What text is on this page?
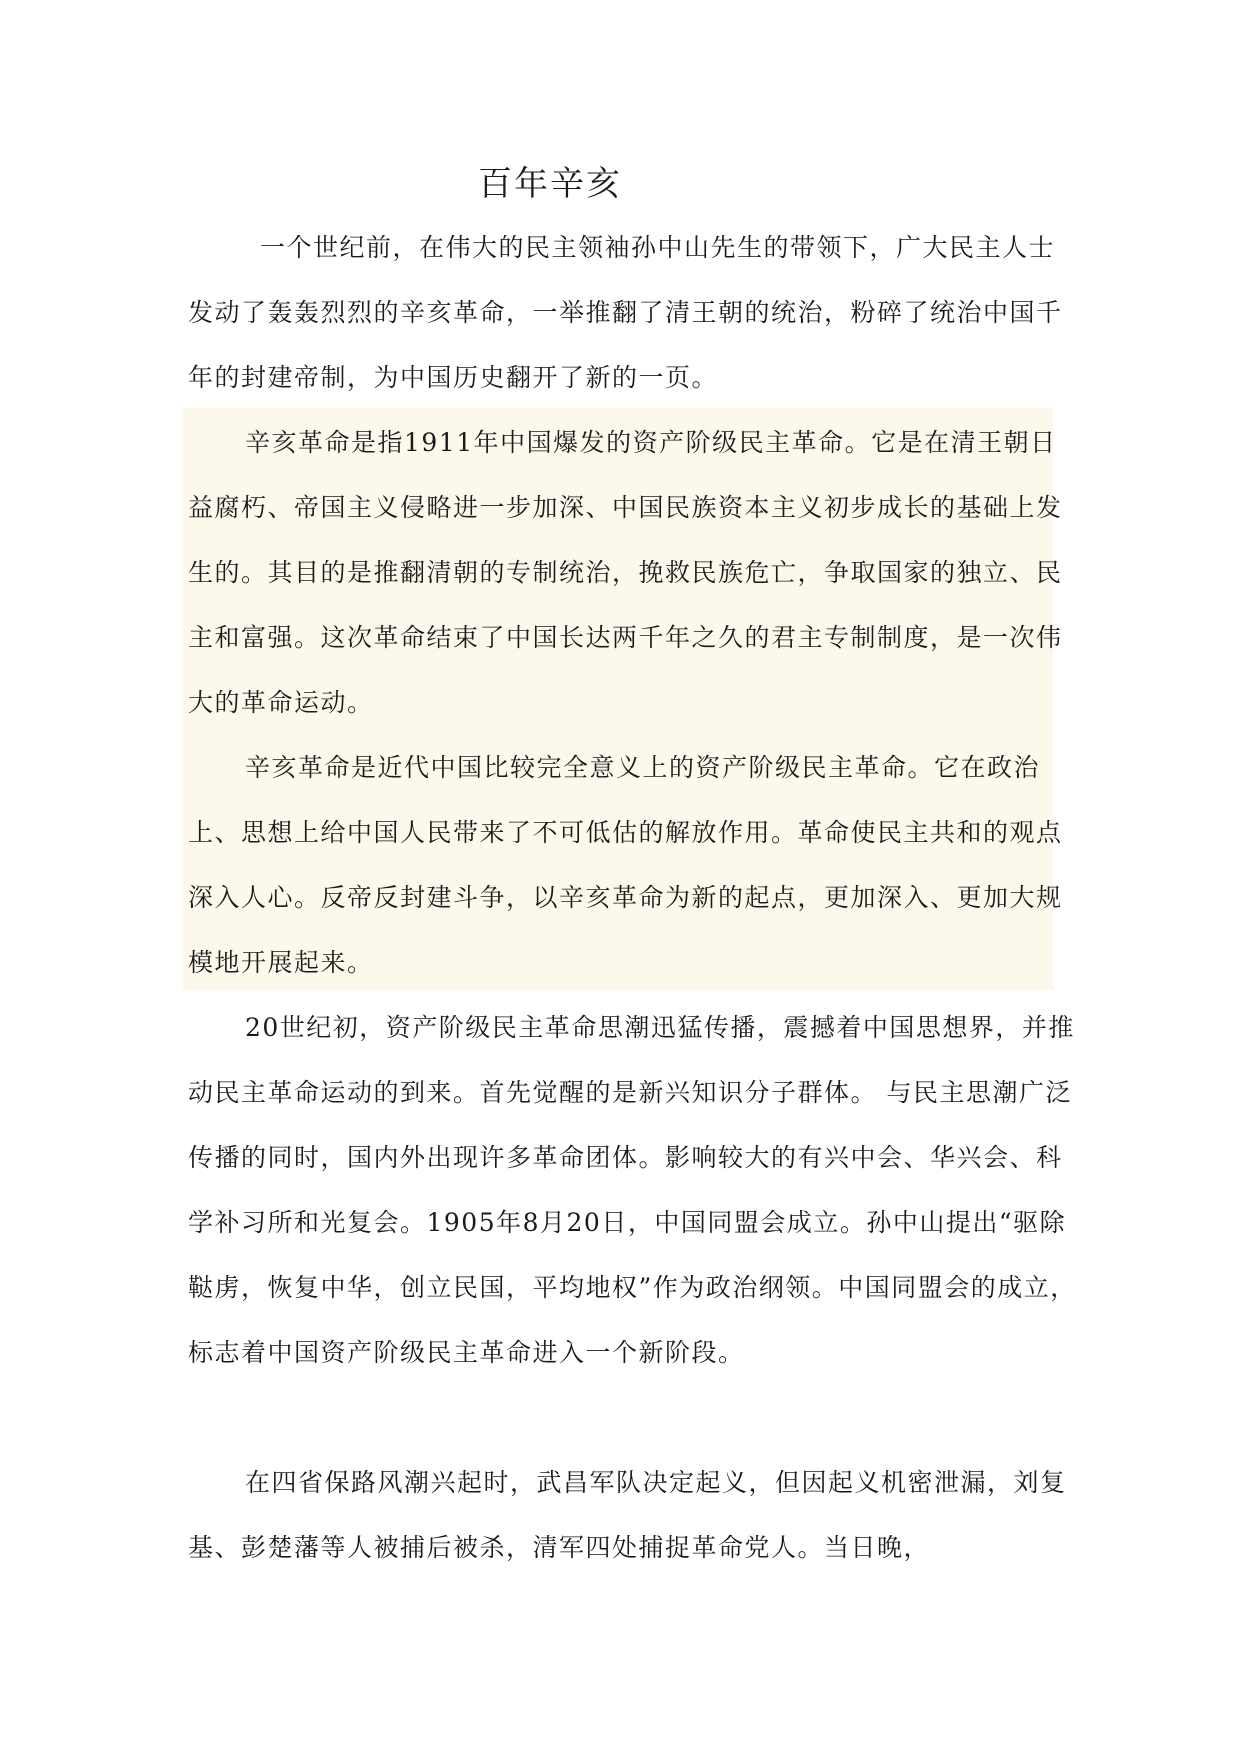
百年辛亥

一个世纪前，在伟大的民主领袖孙中山先生的带领下，广大民主人士发动了轰轰烈烈的辛亥革命，一举推翻了清王朝的统治，粉碎了统治中国千年的封建帝制，为中国历史翻开了新的一页。

辛亥革命是指1911年中国爆发的资产阶级民主革命。它是在清王朝日益腐朽、帝国主义侵略进一步加深、中国民族资本主义初步成长的基础上发生的。其目的是推翻清朝的专制统治，挽救民族危亡，争取国家的独立、民主和富强。这次革命结束了中国长达两千年之久的君主专制制度，是一次伟大的革命运动。

辛亥革命是近代中国比较完全意义上的资产阶级民主革命。它在政治上、思想上给中国人民带来了不可低估的解放作用。革命使民主共和的观点深入人心。反帝反封建斗争，以辛亥革命为新的起点，更加深入、更加大规模地开展起来。

20世纪初，资产阶级民主革命思潮迅猛传播，震撼着中国思想界，并推动民主革命运动的到来。首先觉醒的是新兴知识分子群体。 与民主思潮广泛传播的同时，国内外出现许多革命团体。影响较大的有兴中会、华兴会、科学补习所和光复会。1905年8月20日，中国同盟会成立。孙中山提出“驱除鞑虏，恢复中华，创立民国，平均地权”作为政治纲领。中国同盟会的成立，标志着中国资产阶级民主革命进入一个新阶段。

在四省保路风潮兴起时，武昌军队决定起义，但因起义机密泄漏，刘复基、彭楚藩等人被捕后被杀，清军四处捕捉革命党人。当日晚，
